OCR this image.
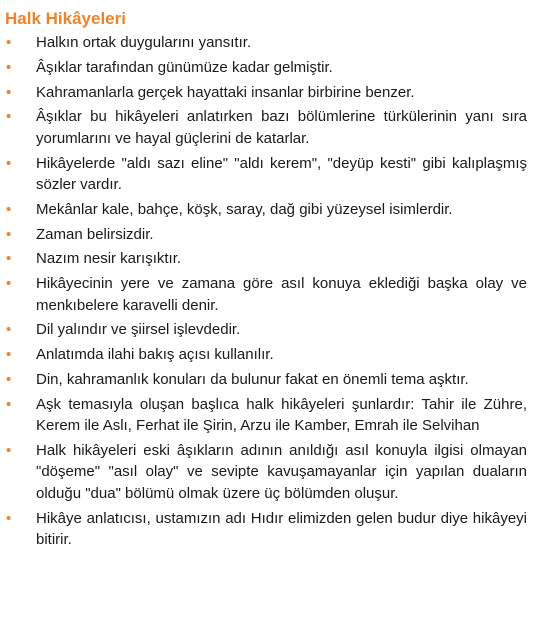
Halk Hikâyeleri
•	Halkın ortak duygularını yansıtır.
•	Âşıklar tarafından günümüze kadar gelmiştir.
•	Kahramanlarla gerçek hayattaki insanlar birbirine benzer.
•	Âşıklar bu hikâyeleri anlatırken bazı bölümlerine türkülerinin yanı sıra yorumlarını ve hayal güçlerini de katarlar.
•	Hikâyelerde "aldı sazı eline" "aldı kerem", "deyüp kesti" gibi kalıplaşmış sözler vardır.
•	Mekânlar kale, bahçe, köşk, saray, dağ gibi yüzeysel isimlerdir.
•	Zaman belirsizdir.
•	Nazım nesir karışıktır.
•	Hikâyecinin yere ve zamana göre asıl konuya eklediği başka olay ve menkıbelere karavelli denir.
•	Dil yalındır ve şiirsel işlevdedir.
•	Anlatımda ilahi bakış açısı kullanılır.
•	Din, kahramanlık konuları da bulunur fakat en önemli tema aşktır.
•	Aşk temasıyla oluşan başlıca halk hikâyeleri şunlardır: Tahir ile Zühre, Kerem ile Aslı, Ferhat ile Şirin, Arzu ile Kamber, Emrah ile Selvihan
•	Halk hikâyeleri eski âşıkların adının anıldığı asıl konuyla ilgisi olmayan "döşeme" "asıl olay" ve sevipte kavuşamayanlar için yapılan duaların olduğu "dua" bölümü olmak üzere üç bölümden oluşur.
•	Hikâye anlatıcısı, ustamızın adı Hıdır elimizden gelen budur diye hikâyeyi bitirir.
